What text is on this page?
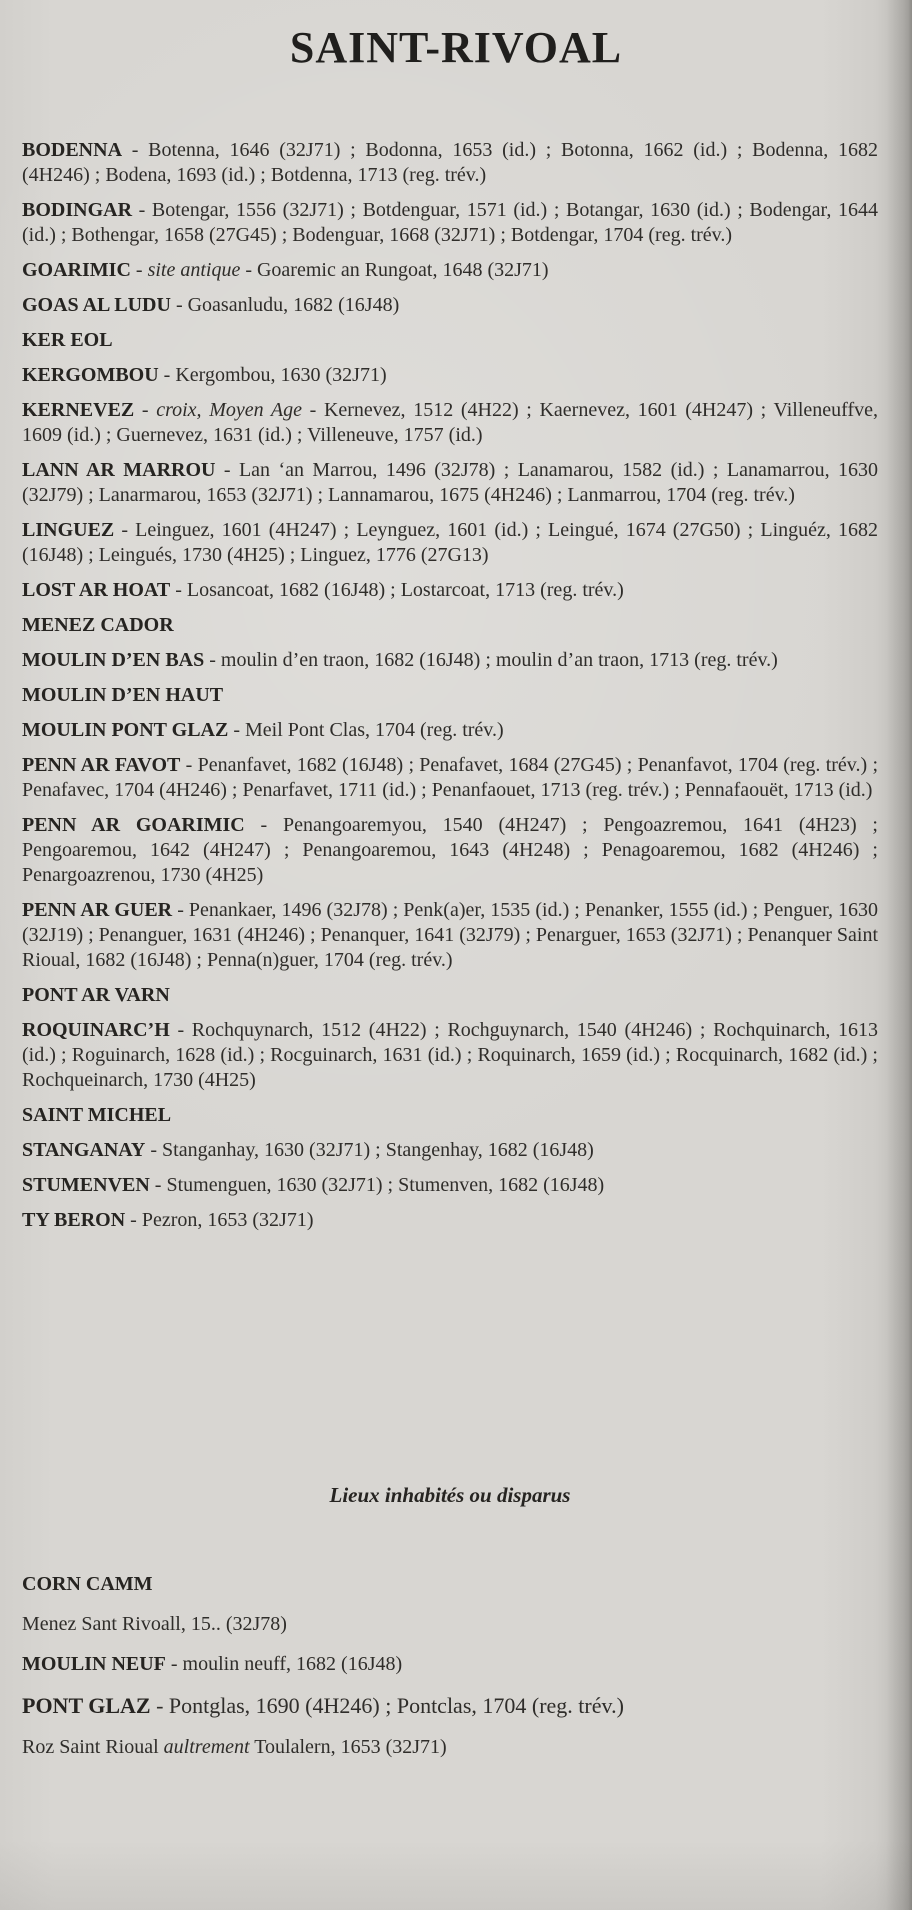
SAINT-RIVOAL

BODENNA - Botenna, 1646 (32J71) ; Bodonna, 1653 (id.) ; Botonna, 1662 (id.) ; Bodenna, 1682 (4H246) ; Bodena, 1693 (id.) ; Botdenna, 1713 (reg. trév.)

BODINGAR - Botengar, 1556 (32J71) ; Botdenguar, 1571 (id.) ; Botangar, 1630 (id.) ; Bodengar, 1644 (id.) ; Bothengar, 1658 (27G45) ; Bodenguar, 1668 (32J71) ; Botdengar, 1704 (reg. trév.)

GOARIMIC - site antique - Goaremic an Rungoat, 1648 (32J71)

GOAS AL LUDU - Goasanludu, 1682 (16J48)

KER EOL

KERGOMBOU - Kergombou, 1630 (32J71)

KERNEVEZ - croix, Moyen Age - Kernevez, 1512 (4H22) ; Kaernevez, 1601 (4H247) ; Villeneuffve, 1609 (id.) ; Guernevez, 1631 (id.) ; Villeneuve, 1757 (id.)

LANN AR MARROU - Lan ‘an Marrou, 1496 (32J78) ; Lanamarou, 1582 (id.) ; Lanamarrou, 1630 (32J79) ; Lanarmarou, 1653 (32J71) ; Lannamarou, 1675 (4H246) ; Lanmarrou, 1704 (reg. trév.)

LINGUEZ - Leinguez, 1601 (4H247) ; Leynguez, 1601 (id.) ; Leingué, 1674 (27G50) ; Linguéz, 1682 (16J48) ; Leingués, 1730 (4H25) ; Linguez, 1776 (27G13)

LOST AR HOAT - Losancoat, 1682 (16J48) ; Lostarcoat, 1713 (reg. trév.)

MENEZ CADOR

MOULIN D’EN BAS - moulin d’en traon, 1682 (16J48) ; moulin d’an traon, 1713 (reg. trév.)

MOULIN D’EN HAUT

MOULIN PONT GLAZ - Meil Pont Clas, 1704 (reg. trév.)

PENN AR FAVOT - Penanfavet, 1682 (16J48) ; Penafavet, 1684 (27G45) ; Penanfavot, 1704 (reg. trév.) ; Penafavec, 1704 (4H246) ; Penarfavet, 1711 (id.) ; Penanfaouet, 1713 (reg. trév.) ; Pennafaouët, 1713 (id.)

PENN AR GOARIMIC - Penangoaremyou, 1540 (4H247) ; Pengoazremou, 1641 (4H23) ; Pengoaremou, 1642 (4H247) ; Penangoaremou, 1643 (4H248) ; Penagoaremou, 1682 (4H246) ; Penargoazrenou, 1730 (4H25)

PENN AR GUER - Penankaer, 1496 (32J78) ; Penk(a)er, 1535 (id.) ; Penanker, 1555 (id.) ; Penguer, 1630 (32J19) ; Penanguer, 1631 (4H246) ; Penanquer, 1641 (32J79) ; Penarguer, 1653 (32J71) ; Penanquer Saint Rioual, 1682 (16J48) ; Penna(n)guer, 1704 (reg. trév.)

PONT AR VARN

ROQUINARC’H - Rochquynarch, 1512 (4H22) ; Rochguynarch, 1540 (4H246) ; Rochquinarch, 1613 (id.) ; Roguinarch, 1628 (id.) ; Rocguinarch, 1631 (id.) ; Roquinarch, 1659 (id.) ; Rocquinarch, 1682 (id.) ; Rochqueinarch, 1730 (4H25)

SAINT MICHEL

STANGANAY - Stanganhay, 1630 (32J71) ; Stangenhay, 1682 (16J48)

STUMENVEN - Stumenguen, 1630 (32J71) ; Stumenven, 1682 (16J48)

TY BERON - Pezron, 1653 (32J71)

Lieux inhabités ou disparus

CORN CAMM

Menez Sant Rivoall, 15.. (32J78)

MOULIN NEUF - moulin neuff, 1682 (16J48)

PONT GLAZ - Pontglas, 1690 (4H246) ; Pontclas, 1704 (reg. trév.)

Roz Saint Rioual aultrement Toulalern, 1653 (32J71)
